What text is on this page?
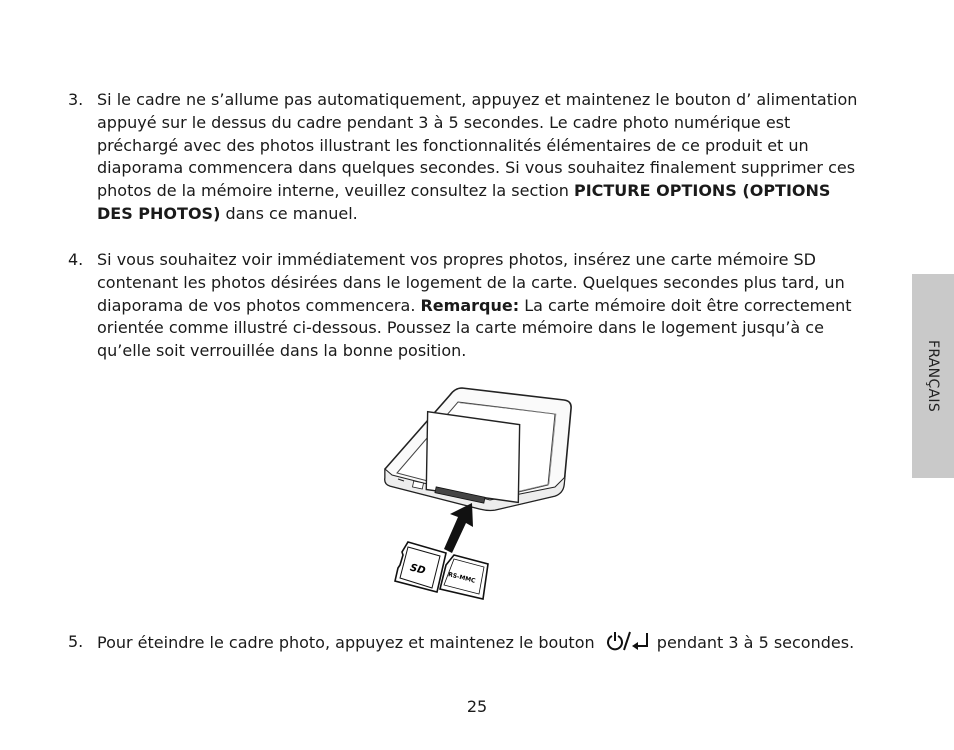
3. Si le cadre ne s’allume pas automatiquement, appuyez et maintenez le bouton d’ alimentation appuyé sur le dessus du cadre pendant 3 à 5 secondes. Le cadre photo numérique est préchargé avec des photos illustrant les fonctionnalités élémentaires de ce produit et un diaporama commencera dans quelques secondes. Si vous souhaitez finalement supprimer ces photos de la mémoire interne, veuillez consultez la section PICTURE OPTIONS (OPTIONS DES PHOTOS) dans ce manuel.
4. Si vous souhaitez voir immédiatement vos propres photos, insérez une carte mémoire SD contenant les photos désirées dans le logement de la carte. Quelques secondes plus tard, un diaporama de vos photos commencera. Remarque: La carte mémoire doit être correctement orientée comme illustré ci-dessous. Poussez la carte mémoire dans le logement jusqu’à ce qu’elle soit verrouillée dans la bonne position.
SD
RS-MMC
5. Pour éteindre le cadre photo, appuyez et maintenez le bouton	pendant 3 à 5 secondes.
FRANÇAIS
25
